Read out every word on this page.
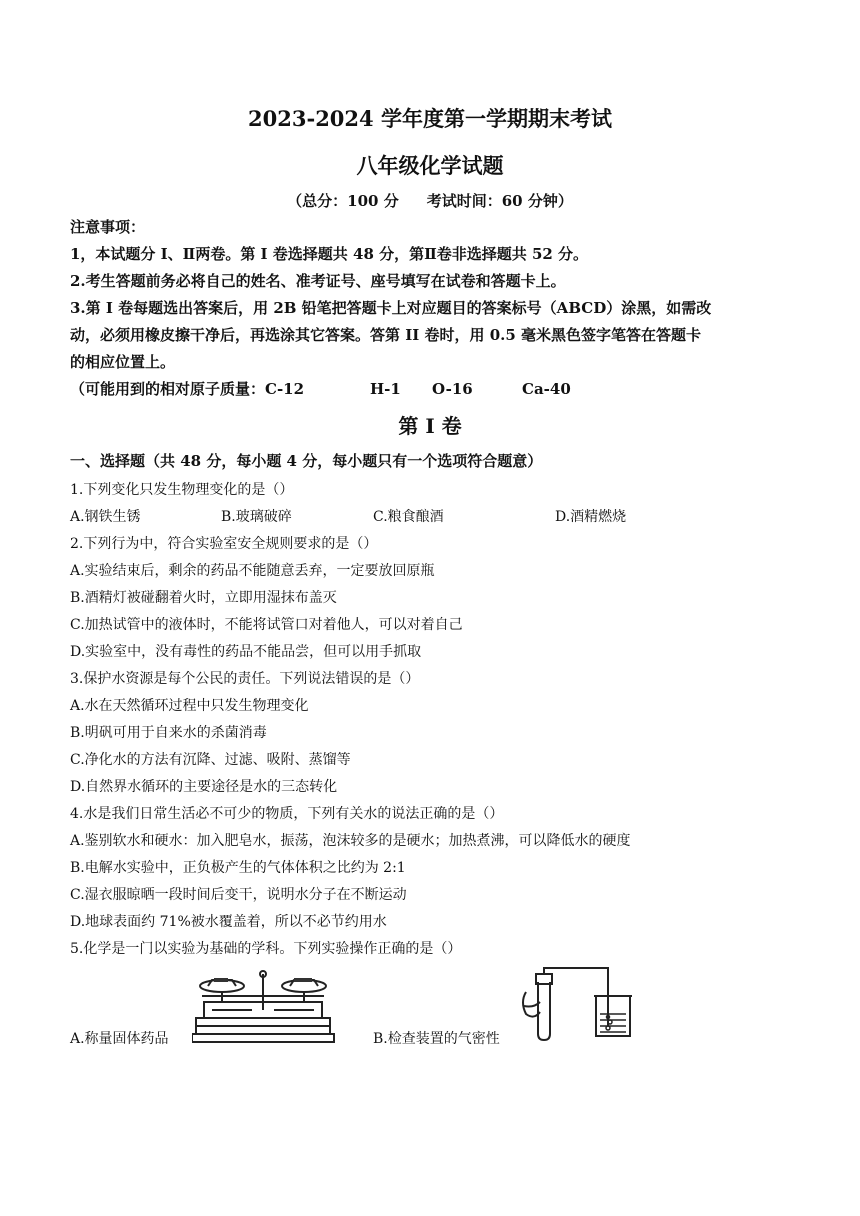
2023-2024 学年度第一学期期末考试
八年级化学试题
（总分：100 分 考试时间：60 分钟）
注意事项：
1，本试题分 I、Ⅱ两卷。第 I 卷选择题共 48 分，第Ⅱ卷非选择题共 52 分。
2.考生答题前务必将自己的姓名、准考证号、座号填写在试卷和答题卡上。
3.第 I 卷每题选出答案后，用 2B 铅笔把答题卡上对应题目的答案标号（ABCD）涂黑，如需改
动，必须用橡皮擦干净后，再选涂其它答案。答第 II 卷时，用 0.5 毫米黑色签字笔答在答题卡
的相应位置上。
（可能用到的相对原子质量：C-12	H-1 O-16	Ca-40
第 I 卷
一、选择题（共 48 分，每小题 4 分，每小题只有一个选项符合题意）
1.下列变化只发生物理变化的是（）
A.钢铁生锈	B.玻璃破碎	C.粮食酿酒	D.酒精燃烧
2.下列行为中，符合实验室安全规则要求的是（）
A.实验结束后，剩余的药品不能随意丢弃，一定要放回原瓶
B.酒精灯被碰翻着火时，立即用湿抹布盖灭
C.加热试管中的液体时，不能将试管口对着他人，可以对着自己
D.实验室中，没有毒性的药品不能品尝，但可以用手抓取
3.保护水资源是每个公民的责任。下列说法错误的是（）
A.水在天然循环过程中只发生物理变化
B.明矾可用于自来水的杀菌消毒
C.净化水的方法有沉降、过滤、吸附、蒸馏等
D.自然界水循环的主要途径是水的三态转化
4.水是我们日常生活必不可少的物质，下列有关水的说法正确的是（）
A.鉴别软水和硬水：加入肥皂水，振荡，泡沫较多的是硬水；加热煮沸，可以降低水的硬度
B.电解水实验中，正负极产生的气体体积之比约为 2:1
C.湿衣服晾晒一段时间后变干，说明水分子在不断运动
D.地球表面约 71%被水覆盖着，所以不必节约用水
5.化学是一门以实验为基础的学科。下列实验操作正确的是（）
A.称量固体药品	B.检查装置的气密性
